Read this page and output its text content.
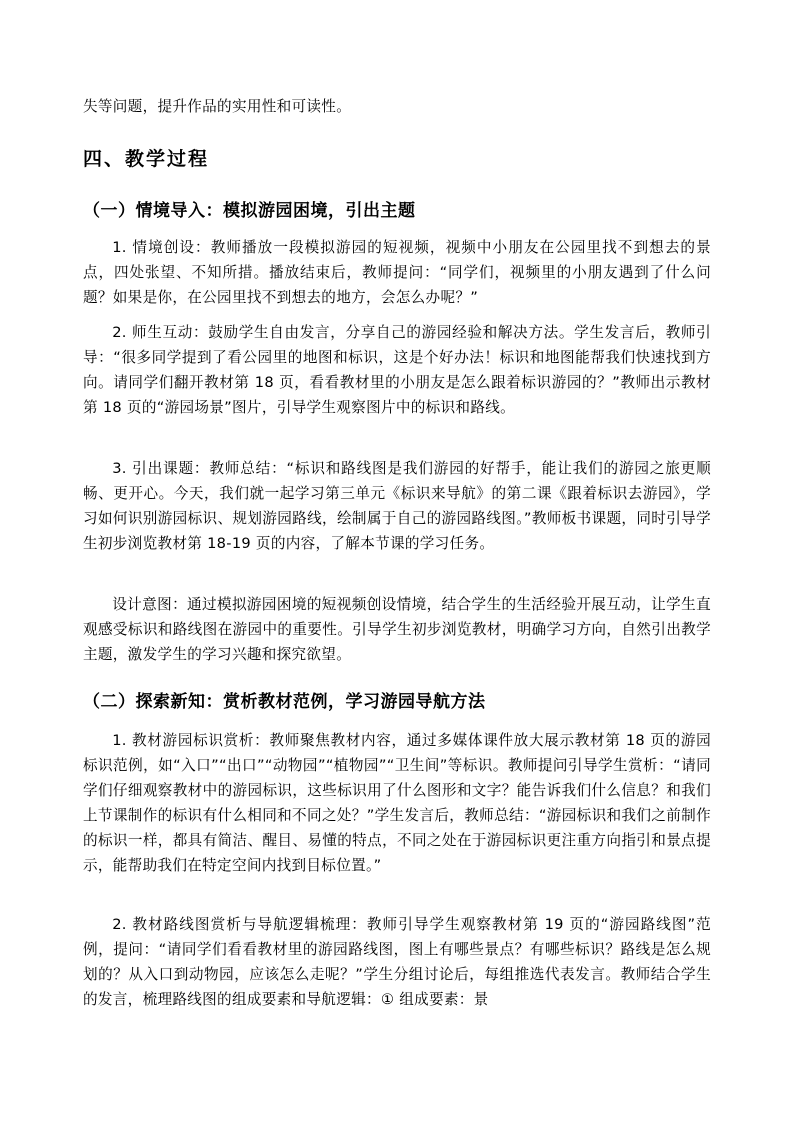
失等问题，提升作品的实用性和可读性。

四、教学过程
（一）情境导入：模拟游园困境，引出主题

1. 情境创设：教师播放一段模拟游园的短视频，视频中小朋友在公园里找不到想去的景点，四处张望、不知所措。播放结束后，教师提问：“同学们，视频里的小朋友遇到了什么问题？如果是你，在公园里找不到想去的地方，会怎么办呢？”

2. 师生互动：鼓励学生自由发言，分享自己的游园经验和解决方法。学生发言后，教师引导：“很多同学提到了看公园里的地图和标识，这是个好办法！标识和地图能帮我们快速找到方向。请同学们翻开教材第 18 页，看看教材里的小朋友是怎么跟着标识游园的？”教师出示教材第 18 页的“游园场景”图片，引导学生观察图片中的标识和路线。

3. 引出课题：教师总结：“标识和路线图是我们游园的好帮手，能让我们的游园之旅更顺畅、更开心。今天，我们就一起学习第三单元《标识来导航》的第二课《跟着标识去游园》，学习如何识别游园标识、规划游园路线，绘制属于自己的游园路线图。”教师板书课题，同时引导学生初步浏览教材第 18-19 页的内容，了解本节课的学习任务。

设计意图：通过模拟游园困境的短视频创设情境，结合学生的生活经验开展互动，让学生直观感受标识和路线图在游园中的重要性。引导学生初步浏览教材，明确学习方向，自然引出教学主题，激发学生的学习兴趣和探究欲望。

（二）探索新知：赏析教材范例，学习游园导航方法

1. 教材游园标识赏析：教师聚焦教材内容，通过多媒体课件放大展示教材第 18 页的游园标识范例，如“入口”“出口”“动物园”“植物园”“卫生间”等标识。教师提问引导学生赏析：“请同学们仔细观察教材中的游园标识，这些标识用了什么图形和文字？能告诉我们什么信息？和我们上节课制作的标识有什么相同和不同之处？”学生发言后，教师总结：“游园标识和我们之前制作的标识一样，都具有简洁、醒目、易懂的特点，不同之处在于游园标识更注重方向指引和景点提示，能帮助我们在特定空间内找到目标位置。”

2. 教材路线图赏析与导航逻辑梳理：教师引导学生观察教材第 19 页的“游园路线图”范例，提问：“请同学们看看教材里的游园路线图，图上有哪些景点？有哪些标识？路线是怎么规划的？从入口到动物园，应该怎么走呢？”学生分组讨论后，每组推选代表发言。教师结合学生的发言，梳理路线图的组成要素和导航逻辑：① 组成要素：景
